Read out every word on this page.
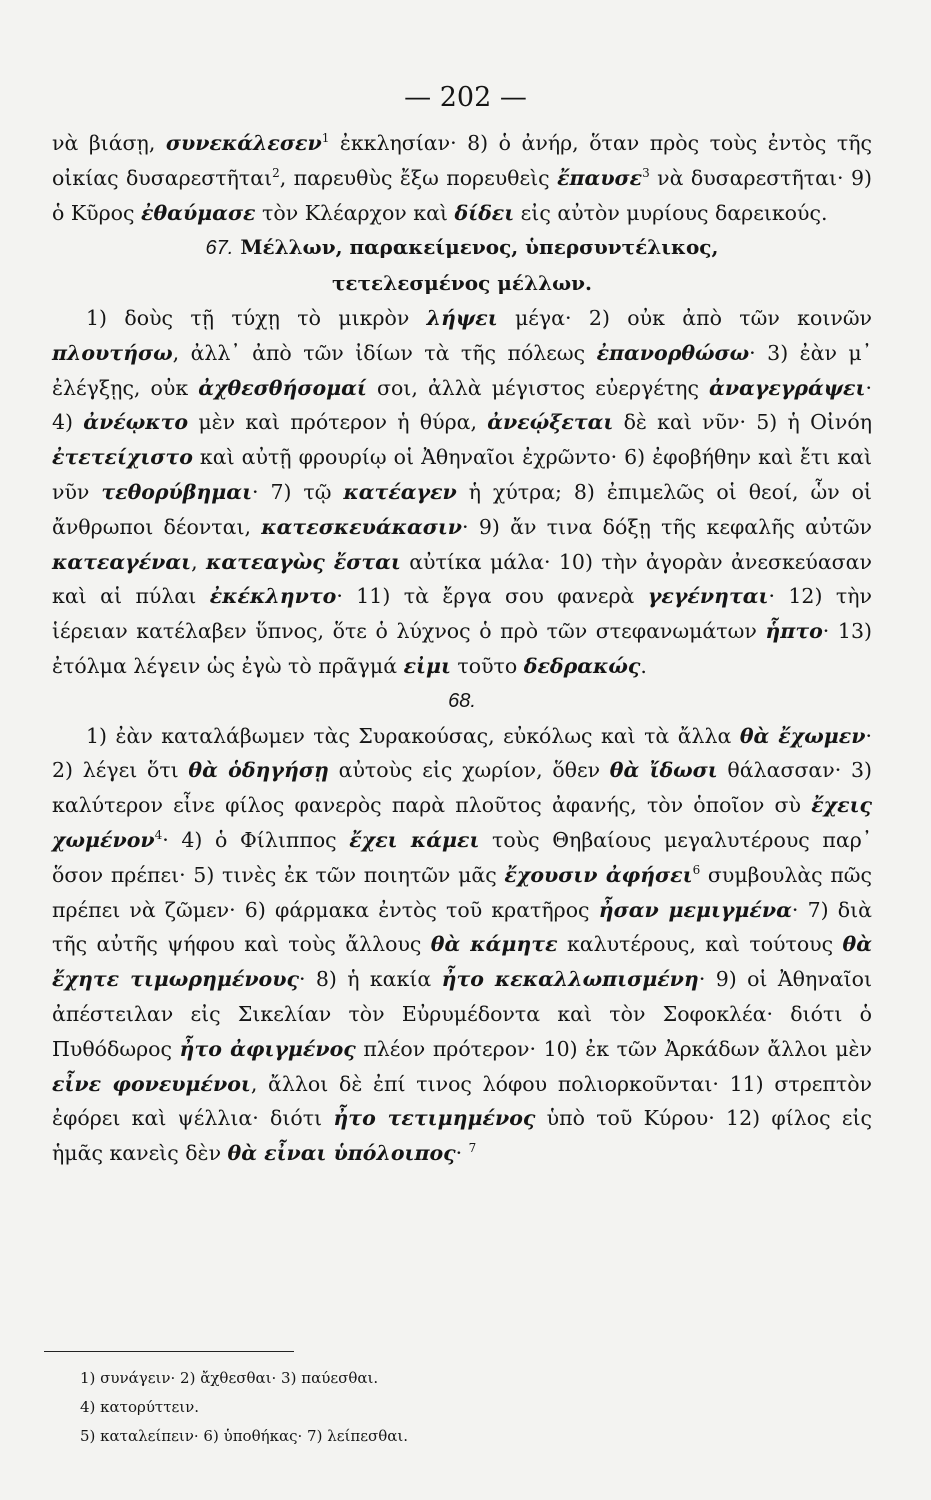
— 202 —

νὰ βιάσῃ, συνεκάλεσεν$^1$ ἐκκλησίαν· 8) ὁ ἀνήρ, ὅταν πρὸς τοὺς ἐντὸς τῆς οἰκίας δυσαρεστῆται$^2$, παρευθὺς ἔξω πορευθεὶς ἔπαυσε$^3$ νὰ δυσαρεστῆται· 9) ὁ Κῦρος ἐθαύμασε τὸν Κλέαρχον καὶ δίδει εἰς αὐτὸν μυρίους δαρεικούς.

67. Μέλλων, παρακείμενος, ὑπερσυντέλικος,
τετελεσμένος μέλλων.

1) δοὺς τῇ τύχῃ τὸ μικρὸν λήψει μέγα· 2) οὐκ ἀπὸ τῶν κοινῶν πλουτήσω, ἀλλ᾽ ἀπὸ τῶν ἰδίων τὰ τῆς πόλεως ἐπανορθώσω· 3) ἐὰν μ᾽ ἐλέγξῃς, οὐκ ἀχθεσθήσομαί σοι, ἀλλὰ μέγιστος εὐεργέτης ἀναγεγράψει· 4) ἀνέῳκτο μὲν καὶ πρότερον ἡ θύρα, ἀνεῴξεται δὲ καὶ νῦν· 5) ἡ Οἰνόη ἐτετείχιστο καὶ αὐτῇ φρουρίῳ οἱ Ἀθηναῖοι ἐχρῶντο· 6) ἐφοβήθην καὶ ἔτι καὶ νῦν τεθορύβημαι· 7) τῷ κατέαγεν ἡ χύτρα; 8) ἐπιμελῶς οἱ θεοί, ὧν οἱ ἄνθρωποι δέονται, κατεσκευάκασιν· 9) ἄν τινα δόξῃ τῆς κεφαλῆς αὐτῶν κατεαγέναι, κατεαγὼς ἔσται αὐτίκα μάλα· 10) τὴν ἀγορὰν ἀνεσκεύασαν καὶ αἱ πύλαι ἐκέκληντο· 11) τὰ ἔργα σου φανερὰ γεγένηται· 12) τὴν ἱέρειαν κατέλαβεν ὕπνος, ὅτε ὁ λύχνος ὁ πρὸ τῶν στεφανωμάτων ἧπτο· 13) ἐτόλμα λέγειν ὡς ἐγὼ τὸ πρᾶγμά εἰμι τοῦτο δεδρακώς.

68.

1) ἐὰν καταλάβωμεν τὰς Συρακούσας, εὐκόλως καὶ τὰ ἄλλα θὰ ἔχωμεν· 2) λέγει ὅτι θὰ ὁδηγήσῃ αὐτοὺς εἰς χωρίον, ὅθεν θὰ ἴδωσι θάλασσαν· 3) καλύτερον εἶνε φίλος φανερὸς παρὰ πλοῦτος ἀφανής, τὸν ὁποῖον σὺ ἔχεις χωμένον$^4$· 4) ὁ Φίλιππος ἔχει κάμει τοὺς Θηβαίους μεγαλυτέρους παρ᾽ ὅσον πρέπει· 5) τινὲς ἐκ τῶν ποιητῶν μᾶς ἔχουσιν ἀφήσει$^6$ συμβουλὰς πῶς πρέπει νὰ ζῶμεν· 6) φάρμακα ἐντὸς τοῦ κρατῆρος ἦσαν μεμιγμένα· 7) διὰ τῆς αὐτῆς ψήφου καὶ τοὺς ἄλλους θὰ κάμητε καλυτέρους, καὶ τούτους θὰ ἔχητε τιμωρημένους· 8) ἡ κακία ἦτο κεκαλλωπισμένη· 9) οἱ Ἀθηναῖοι ἀπέστειλαν εἰς Σικελίαν τὸν Εὐρυμέδοντα καὶ τὸν Σοφοκλέα· διότι ὁ Πυθόδωρος ἦτο ἀφιγμένος πλέον πρότερον· 10) ἐκ τῶν Ἀρκάδων ἄλλοι μὲν εἶνε φονευμένοι, ἄλλοι δὲ ἐπί τινος λόφου πολιορκοῦνται· 11) στρεπτὸν ἐφόρει καὶ ψέλλια· διότι ἦτο τετιμημένος ὑπὸ τοῦ Κύρου· 12) φίλος εἰς ἡμᾶς κανεὶς δὲν θὰ εἶναι ὑπόλοιπος· $^7$

1) συνάγειν· 2) ἄχθεσθαι· 3) παύεσθαι.
4) κατορύττειν.
5) καταλείπειν· 6) ὑποθήκας· 7) λείπεσθαι.
